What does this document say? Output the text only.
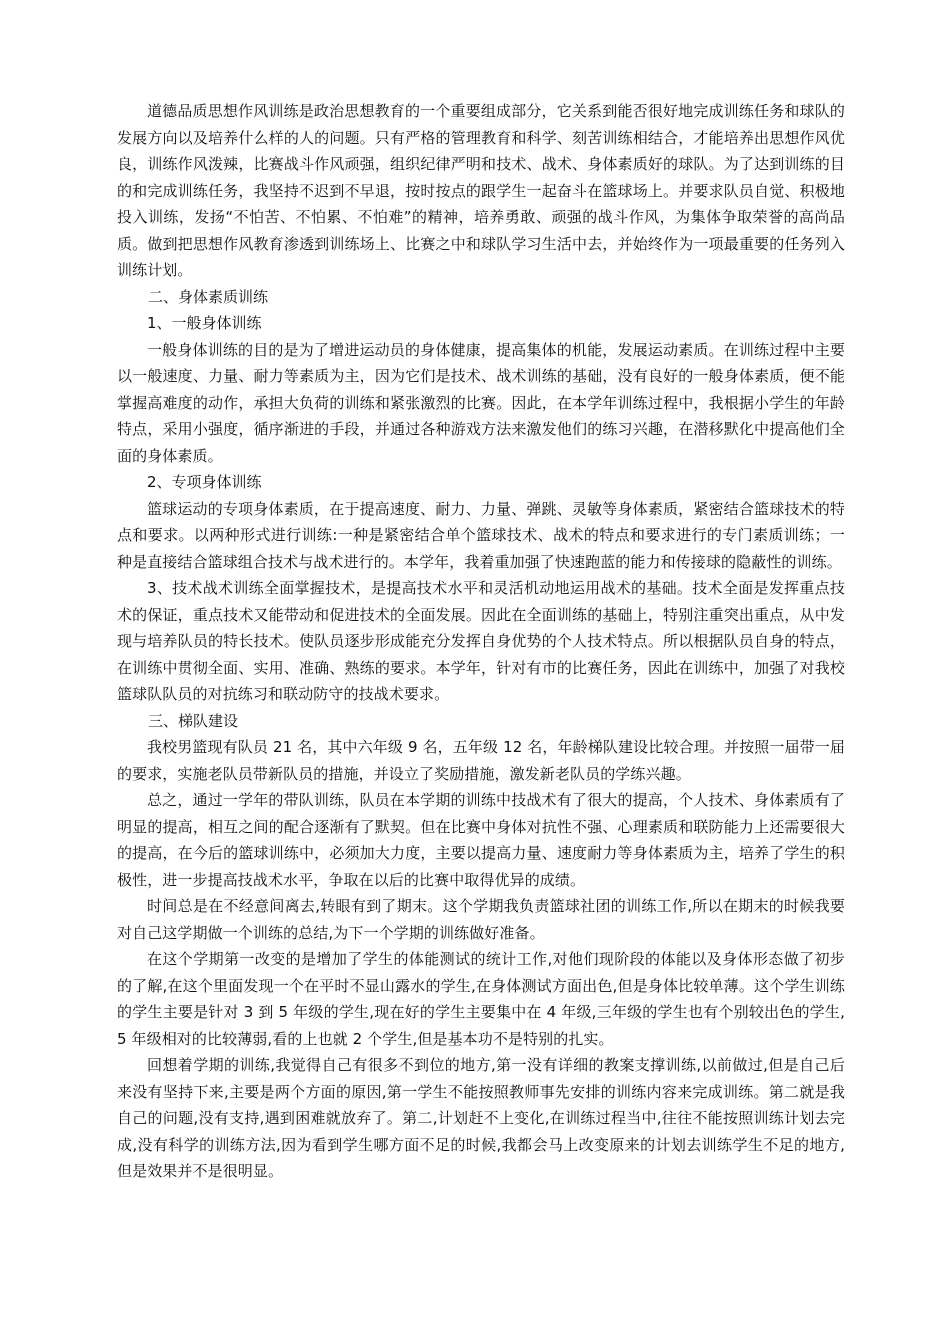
道德品质思想作风训练是政治思想教育的一个重要组成部分，它关系到能否很好地完成训练任务和球队的发展方向以及培养什么样的人的问题。只有严格的管理教育和科学、刻苦训练相结合，才能培养出思想作风优良，训练作风泼辣，比赛战斗作风顽强，组织纪律严明和技术、战术、身体素质好的球队。为了达到训练的目的和完成训练任务，我坚持不迟到不早退，按时按点的跟学生一起奋斗在篮球场上。并要求队员自觉、积极地投入训练，发扬“不怕苦、不怕累、不怕难”的精神，培养勇敢、顽强的战斗作风，为集体争取荣誉的高尚品质。做到把思想作风教育渗透到训练场上、比赛之中和球队学习生活中去，并始终作为一项最重要的任务列入训练计划。

二、身体素质训练

1、一般身体训练

一般身体训练的目的是为了增进运动员的身体健康，提高集体的机能，发展运动素质。在训练过程中主要以一般速度、力量、耐力等素质为主，因为它们是技术、战术训练的基础，没有良好的一般身体素质，便不能掌握高难度的动作，承担大负荷的训练和紧张激烈的比赛。因此，在本学年训练过程中，我根据小学生的年龄特点，采用小强度，循序渐进的手段，并通过各种游戏方法来激发他们的练习兴趣，在潜移默化中提高他们全面的身体素质。

2、专项身体训练

篮球运动的专项身体素质，在于提高速度、耐力、力量、弹跳、灵敏等身体素质，紧密结合篮球技术的特点和要求。以两种形式进行训练:一种是紧密结合单个篮球技术、战术的特点和要求进行的专门素质训练；一种是直接结合篮球组合技术与战术进行的。本学年，我着重加强了快速跑蓝的能力和传接球的隐蔽性的训练。

3、技术战术训练全面掌握技术，是提高技术水平和灵活机动地运用战术的基础。技术全面是发挥重点技术的保证，重点技术又能带动和促进技术的全面发展。因此在全面训练的基础上，特别注重突出重点，从中发现与培养队员的特长技术。使队员逐步形成能充分发挥自身优势的个人技术特点。所以根据队员自身的特点，在训练中贯彻全面、实用、准确、熟练的要求。本学年，针对有市的比赛任务，因此在训练中，加强了对我校篮球队队员的对抗练习和联动防守的技战术要求。

三、梯队建设

我校男篮现有队员 21 名，其中六年级 9 名，五年级 12 名，年龄梯队建设比较合理。并按照一届带一届的要求，实施老队员带新队员的措施，并设立了奖励措施，激发新老队员的学练兴趣。

总之，通过一学年的带队训练，队员在本学期的训练中技战术有了很大的提高，个人技术、身体素质有了明显的提高，相互之间的配合逐渐有了默契。但在比赛中身体对抗性不强、心理素质和联防能力上还需要很大的提高，在今后的篮球训练中，必须加大力度，主要以提高力量、速度耐力等身体素质为主，培养了学生的积极性，进一步提高技战术水平，争取在以后的比赛中取得优异的成绩。

时间总是在不经意间离去,转眼有到了期末。这个学期我负责篮球社团的训练工作,所以在期末的时候我要对自己这学期做一个训练的总结,为下一个学期的训练做好准备。

在这个学期第一改变的是增加了学生的体能测试的统计工作,对他们现阶段的体能以及身体形态做了初步的了解,在这个里面发现一个在平时不显山露水的学生,在身体测试方面出色,但是身体比较单薄。这个学生训练的学生主要是针对 3 到 5 年级的学生,现在好的学生主要集中在 4 年级,三年级的学生也有个别较出色的学生,5 年级相对的比较薄弱,看的上也就 2 个学生,但是基本功不是特别的扎实。

回想着学期的训练,我觉得自己有很多不到位的地方,第一没有详细的教案支撑训练,以前做过,但是自己后来没有坚持下来,主要是两个方面的原因,第一学生不能按照教师事先安排的训练内容来完成训练。第二就是我自己的问题,没有支持,遇到困难就放弃了。第二,计划赶不上变化,在训练过程当中,往往不能按照训练计划去完成,没有科学的训练方法,因为看到学生哪方面不足的时候,我都会马上改变原来的计划去训练学生不足的地方,但是效果并不是很明显。
